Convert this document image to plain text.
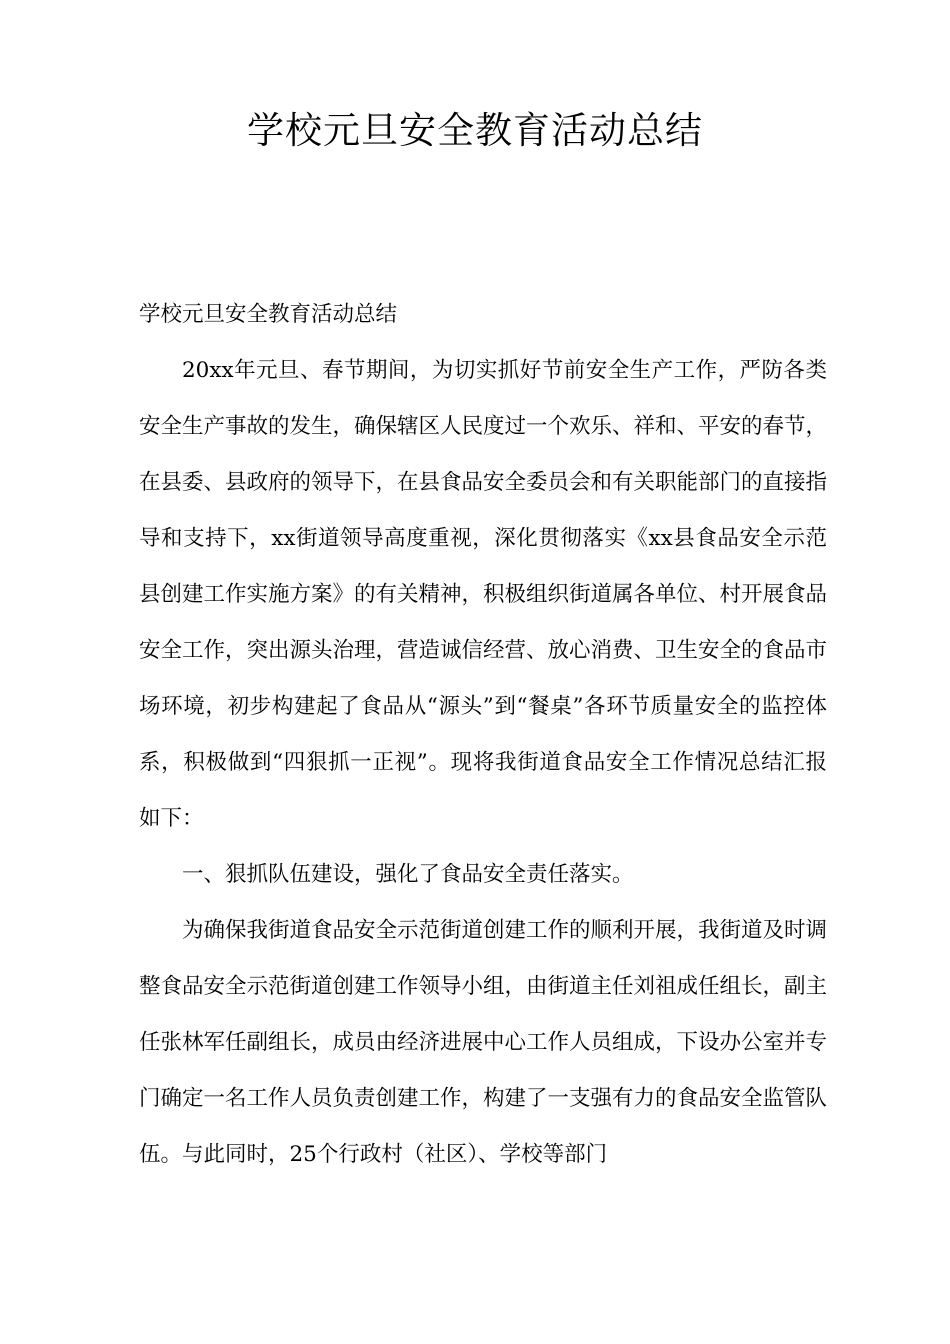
学校元旦安全教育活动总结

学校元旦安全教育活动总结

20xx年元旦、春节期间，为切实抓好节前安全生产工作，严防各类安全生产事故的发生，确保辖区人民度过一个欢乐、祥和、平安的春节，在县委、县政府的领导下，在县食品安全委员会和有关职能部门的直接指导和支持下，xx街道领导高度重视，深化贯彻落实《xx县食品安全示范县创建工作实施方案》的有关精神，积极组织街道属各单位、村开展食品安全工作，突出源头治理，营造诚信经营、放心消费、卫生安全的食品市场环境，初步构建起了食品从“源头”到“餐桌”各环节质量安全的监控体系，积极做到“四狠抓一正视”。现将我街道食品安全工作情况总结汇报如下：

一、狠抓队伍建设，强化了食品安全责任落实。

为确保我街道食品安全示范街道创建工作的顺利开展，我街道及时调整食品安全示范街道创建工作领导小组，由街道主任刘祖成任组长，副主任张林军任副组长，成员由经济进展中心工作人员组成，下设办公室并专门确定一名工作人员负责创建工作，构建了一支强有力的食品安全监管队伍。与此同时，25个行政村（社区）、学校等部门
